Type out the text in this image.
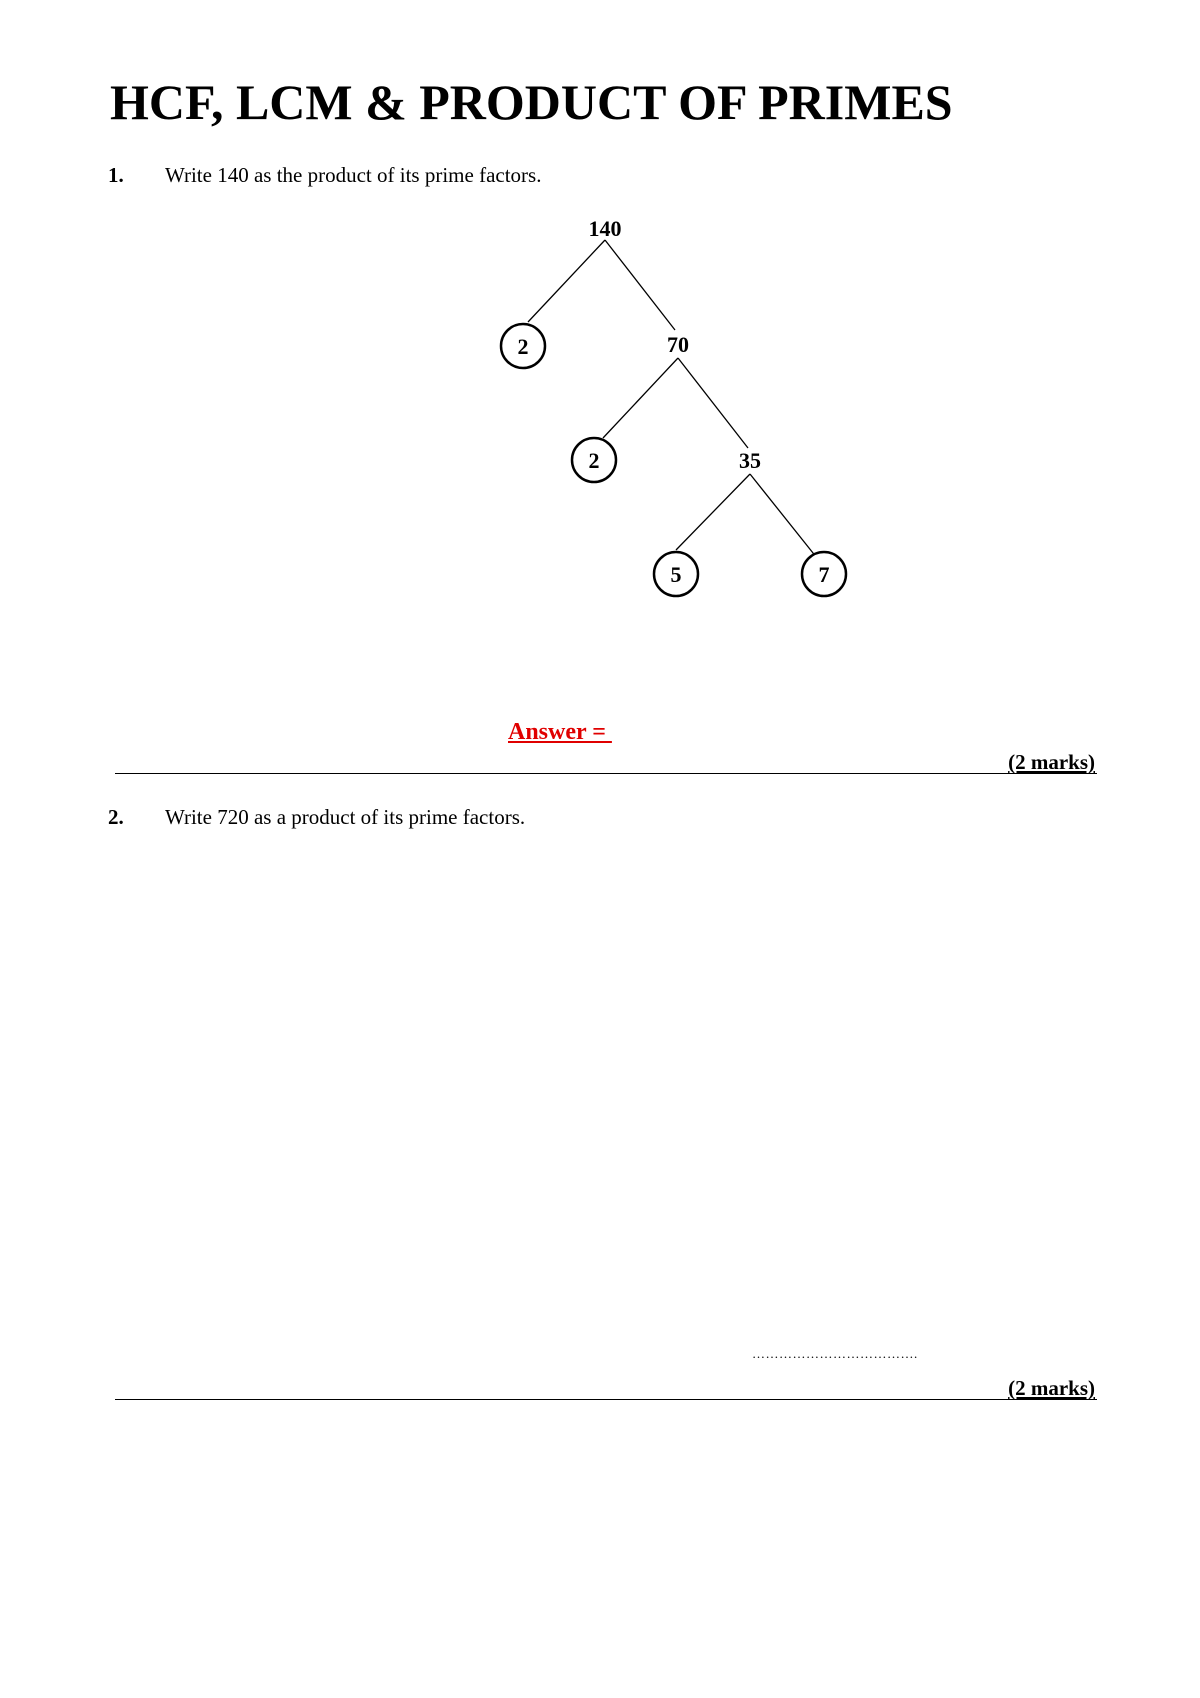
HCF, LCM & PRODUCT OF PRIMES
1. Write 140 as the product of its prime factors.
140
2	70
2	35
5	7
Answer =
(2 marks)
2. Write 720 as a product of its prime factors.
……………………………….
(2 marks)
